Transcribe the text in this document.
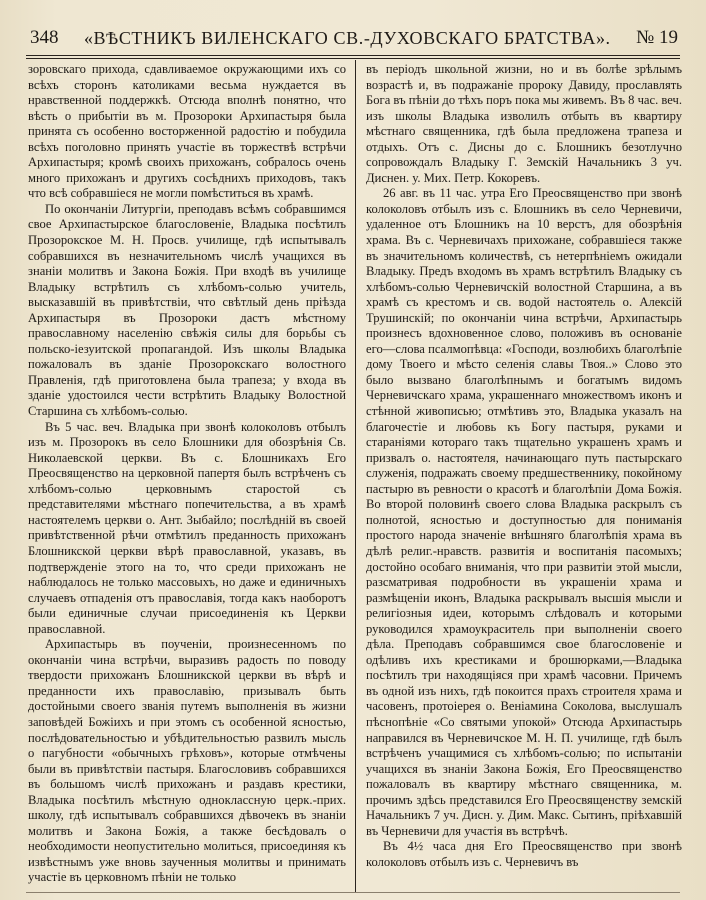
348 «ВѢСТНИКЪ ВИЛЕНСКАГО СВ.-ДУХОВСКАГО БРАТСТВА». № 19

зоровскаго прихода, сдавливаемое окружающими ихъ со всѣхъ сторонъ католиками весьма нуждается въ нравственной поддержкѣ. Отсюда вполнѣ понятно, что вѣсть о прибытіи въ м. Прозороки Архипастыря была принята съ особенно восторженной радостію и побудила всѣхъ поголовно принять участіе въ торжествѣ встрѣчи Архипастыря; кромѣ своихъ прихожанъ, собралось очень много прихожанъ и другихъ сосѣднихъ приходовъ, такъ что всѣ собравшіеся не могли помѣститься въ храмѣ.

По окончаніи Литургіи, преподавъ всѣмъ собравшимся свое Архипастырское благословеніе, Владыка посѣтилъ Прозорокское М. Н. Просв. училище, гдѣ испытывалъ собравшихся въ незначительномъ числѣ учащихся въ знаніи молитвъ и Закона Божія. При входѣ въ училище Владыку встрѣтилъ съ хлѣбомъ-солью учитель, высказавшій въ привѣтствіи, что свѣтлый день пріѣзда Архипастыря въ Прозороки дастъ мѣстному православному населенію свѣжія силы для борьбы съ польско-іезуитской пропагандой. Изъ школы Владыка пожаловалъ въ зданіе Прозорокскаго волостного Правленія, гдѣ приготовлена была трапеза; у входа въ зданіе удостоился чести встрѣтить Владыку Волостной Старшина съ хлѣбомъ-солью.

Въ 5 час. веч. Владыка при звонѣ колоколовъ отбылъ изъ м. Прозорокъ въ село Блошники для обозрѣнія Св. Николаевской церкви. Въ с. Блошникахъ Его Преосвященство на церковной папертя былъ встрѣченъ съ хлѣбомъ-солью церковнымъ старостой съ представителями мѣстнаго попечительства, а въ храмѣ настоятелемъ церкви о. Ант. Зыбайло; послѣдній въ своей привѣтственной рѣчи отмѣтилъ преданность прихожанъ Блошникской церкви вѣрѣ православной, указавъ, въ подтвержденіе этого на то, что среди прихожанъ не наблюдалось не только массовыхъ, но даже и единичныхъ случаевъ отпаденія отъ православія, тогда какъ наоборотъ были единичные случаи присоединенія къ Церкви православной.

Архипастырь въ поученіи, произнесенномъ по окончаніи чина встрѣчи, выразивъ радость по поводу твердости прихожанъ Блошникской церкви въ вѣрѣ и преданности ихъ православію, призывалъ быть достойными своего званія путемъ выполненія въ жизни заповѣдей Божіихъ и при этомъ съ особенной ясностью, послѣдовательностью и убѣдительностью развилъ мысль о пагубности «обычныхъ грѣховъ», которые отмѣчены были въ привѣтствіи пастыря. Благословивъ собравшихся въ большомъ числѣ прихожанъ и раздавъ крестики, Владыка посѣтилъ мѣстную одноклассную церк.-приx. школу, гдѣ испытывалъ собравшихся дѣвочекъ въ знаніи молитвъ и Закона Божія, а также бесѣдовалъ о необходимости неопустительно молиться, присоединяя къ извѣстнымъ уже вновь заученныя молитвы и принимать участіе въ церковномъ пѣніи не только

въ періодъ школьной жизни, но и въ болѣе зрѣлымъ возрастѣ и, въ подражаніе пророку Давиду, прославлять Бога въ пѣніи до тѣхъ поръ пока мы живемъ. Въ 8 час. веч. изъ школы Владыка изволилъ отбыть въ квартиру мѣстнаго священника, гдѣ была предложена трапеза и отдыхъ. Отъ с. Дисны до с. Блошникъ безотлучно сопровождалъ Владыку Г. Земскій Начальникъ 3 уч. Диснен. у. Мих. Петр. Кокоревъ.

26 авг. въ 11 час. утра Его Преосвященство при звонѣ колоколовъ отбылъ изъ с. Блошникъ въ село Черневичи, удаленное отъ Блошникъ на 10 верстъ, для обозрѣнія храма. Въ с. Черневичахъ прихожане, собравшіеся также въ значительномъ количествѣ, съ нетерпѣніемъ ожидали Владыку. Предъ входомъ въ храмъ встрѣтилъ Владыку съ хлѣбомъ-солью Черневичскій волостной Старшина, а въ храмѣ съ крестомъ и св. водой настоятель о. Алексій Трушинскій; по окончаніи чина встрѣчи, Архипастырь произнесъ вдохновенное слово, положивъ въ основаніе его—слова псалмопѣвца: «Господи, возлюбихъ благолѣпіе дому Твоего и мѣсто селенія славы Твоя..» Слово это было вызвано благолѣпнымъ и богатымъ видомъ Черневичскаго храма, украшеннаго множествомъ иконъ и стѣнной живописью; отмѣтивъ это, Владыка указалъ на благочестіе и любовь къ Богу пастыря, руками и стараніями котораго такъ тщательно украшенъ храмъ и призвалъ о. настоятеля, начинающаго путь пастырскаго служенія, подражать своему предшественнику, покойному пастырю въ ревности о красотѣ и благолѣпіи Дома Божія. Во второй половинѣ своего слова Владыка раскрылъ съ полнотой, ясностью и доступностью для пониманія простого народа значеніе внѣшняго благолѣпія храма въ дѣлѣ религ.-нравств. развитія и воспитанія пасомыхъ; достойно особаго вниманія, что при развитіи этой мысли, разсматривая подробности въ украшеніи храма и размѣщеніи иконъ, Владыка раскрывалъ высшія мысли и религіозныя идеи, которымъ слѣдовалъ и которыми руководился храмоукраситель при выполненіи своего дѣла. Преподавъ собравшимся свое благословеніе и одѣливъ ихъ крестиками и брошюрками,—Владыка посѣтилъ три находящіяся при храмѣ часовни. Причемъ въ одной изъ нихъ, гдѣ покоится прахъ строителя храма и часовенъ, протоіерея о. Веніамина Соколова, выслушалъ пѣснопѣніе «Со святыми упокой» Отсюда Архипастырь направился въ Черневичское М. Н. П. училище, гдѣ былъ встрѣченъ учащимися съ хлѣбомъ-солью; по испытаніи учащихся въ знаніи Закона Божія, Его Преосвященство пожаловалъ въ квартиру мѣстнаго священника, м. прочимъ здѣсь представился Его Преосвященству земскій Начальникъ 7 уч. Дисн. у. Дим. Макс. Сытинъ, пріѣхавшій въ Черневичи для участія въ встрѣчѣ.

Въ 4½ часа дня Его Преосвященство при звонѣ колоколовъ отбылъ изъ с. Черневичъ въ
